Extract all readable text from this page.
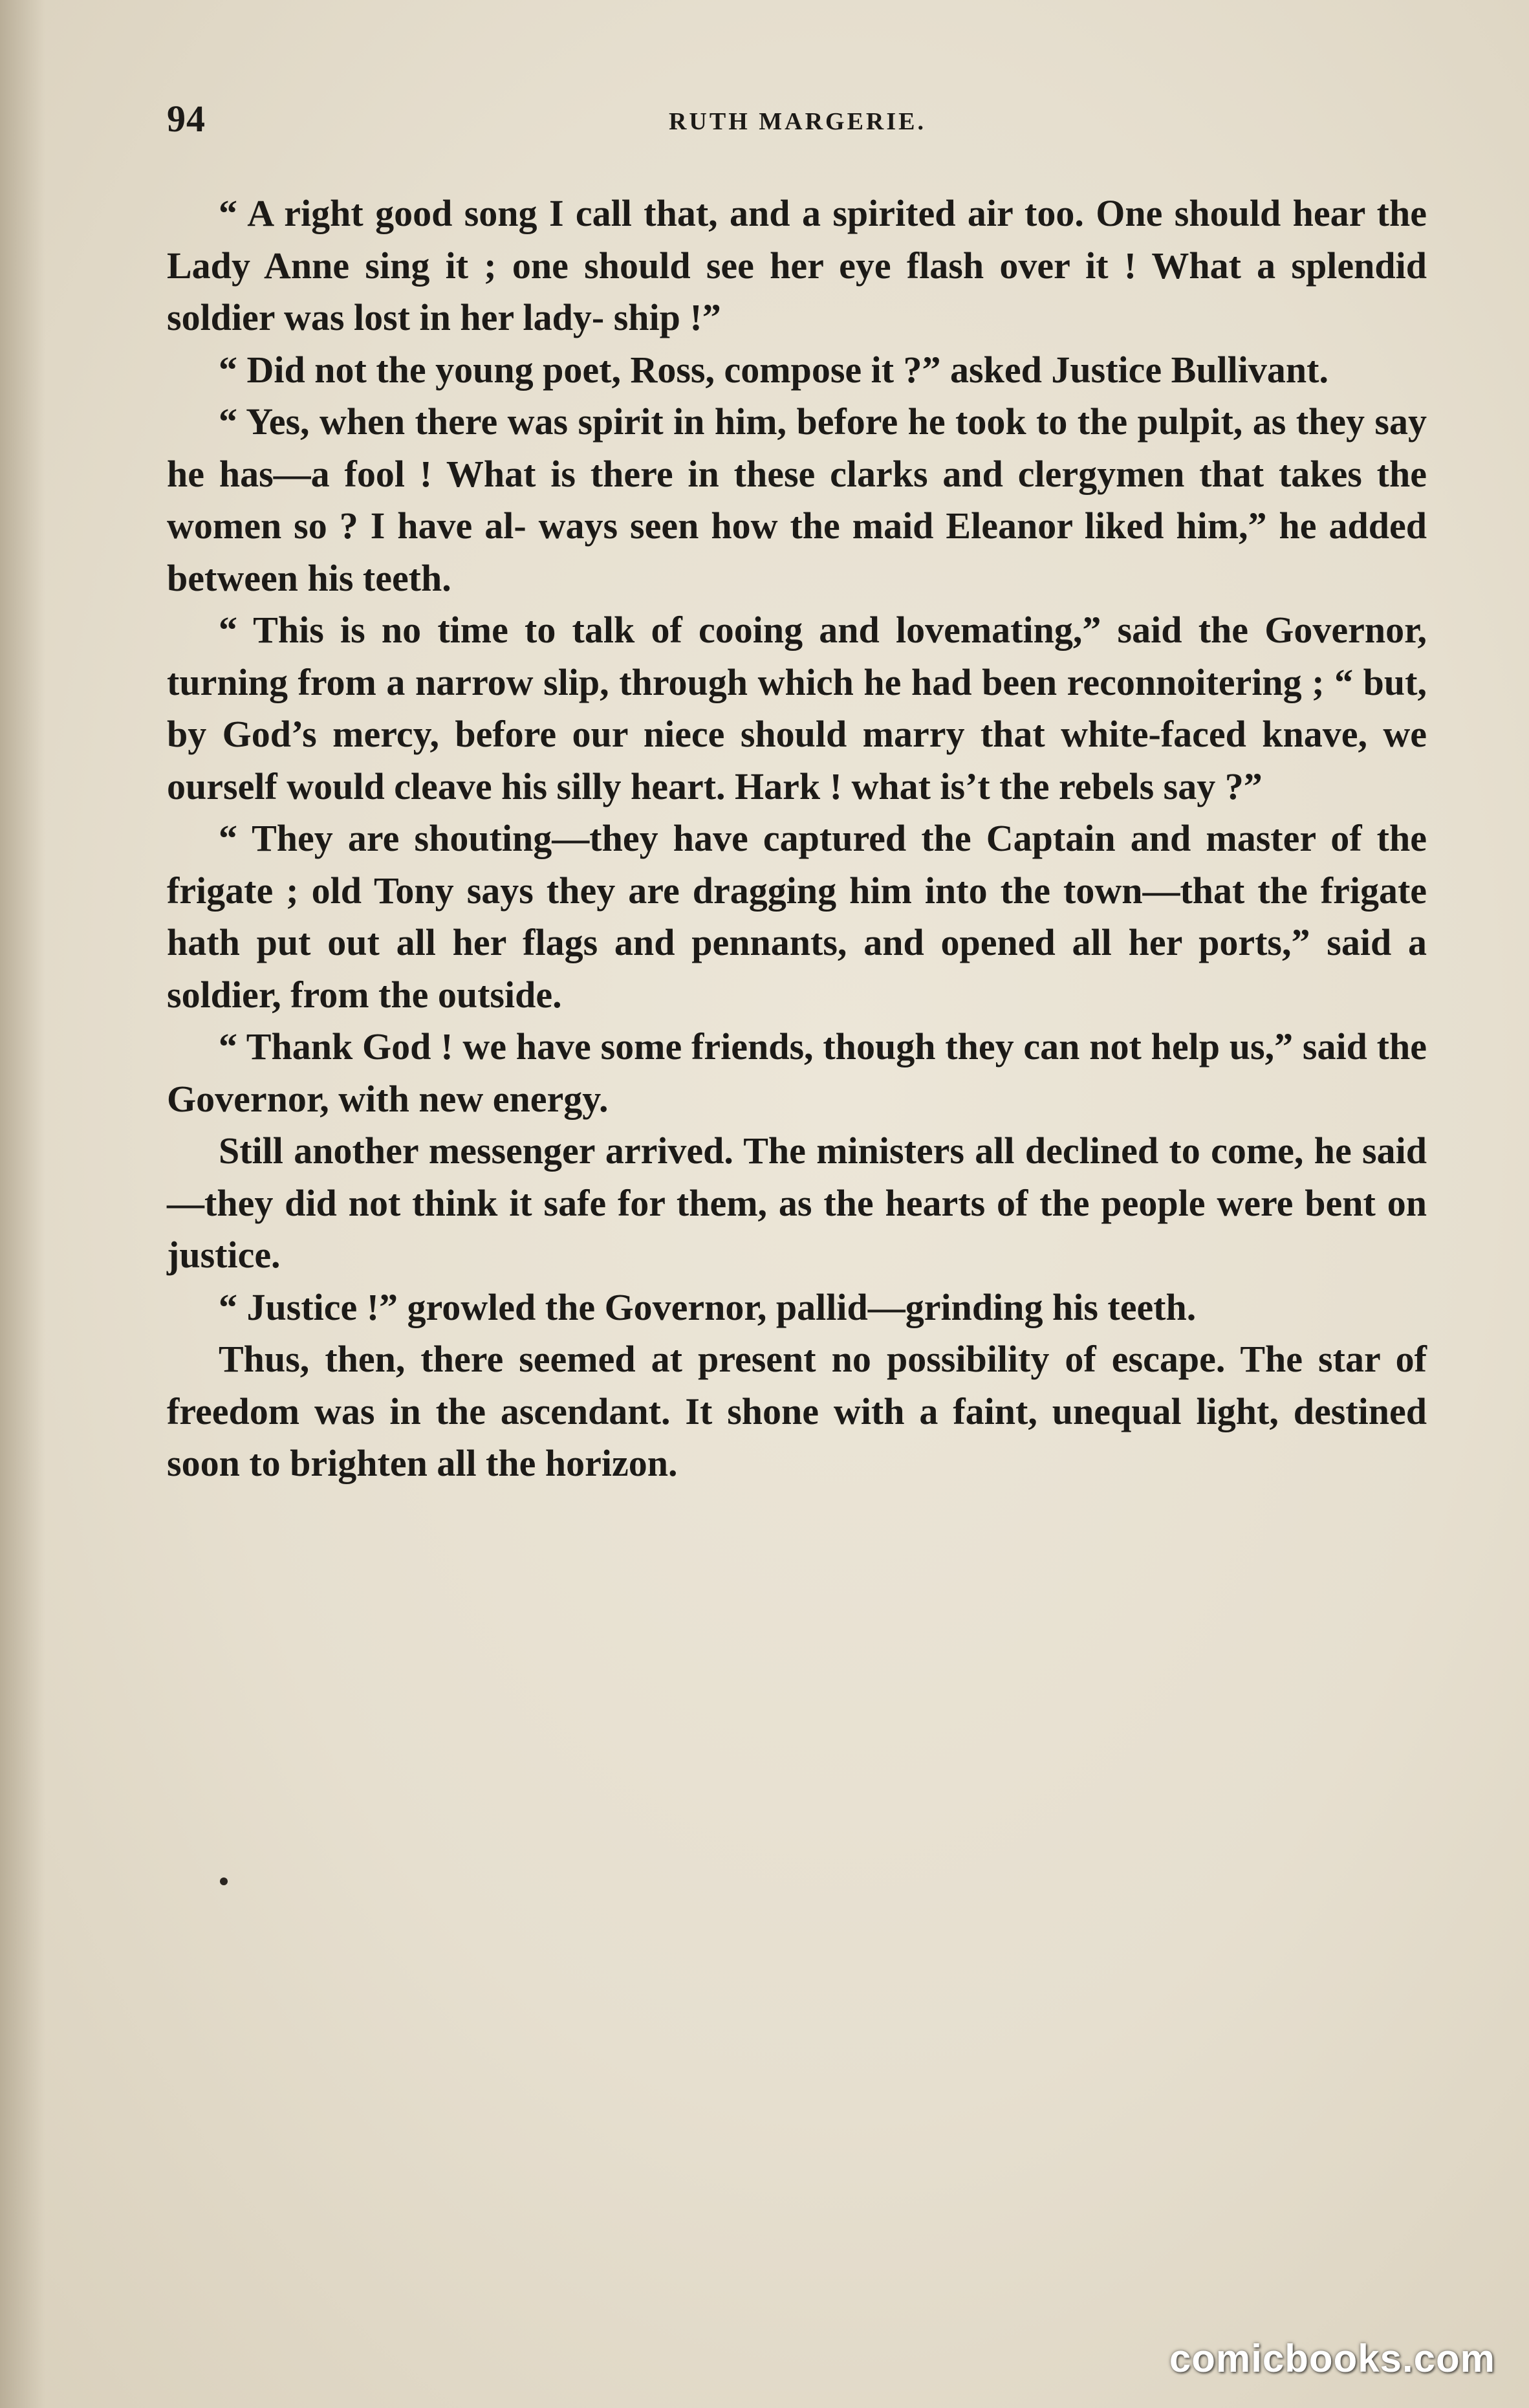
94	RUTH MARGERIE.

“ A right good song I call that, and a spirited air too. One should hear the Lady Anne sing it ; one should see her eye flash over it ! What a splendid soldier was lost in her lady- ship !”

“ Did not the young poet, Ross, compose it ?” asked Justice Bullivant.

“ Yes, when there was spirit in him, before he took to the pulpit, as they say he has—a fool ! What is there in these clarks and clergymen that takes the women so ? I have al- ways seen how the maid Eleanor liked him,” he added between his teeth.

“ This is no time to talk of cooing and lovemating,” said the Governor, turning from a narrow slip, through which he had been reconnoitering ; “ but, by God’s mercy, before our niece should marry that white-faced knave, we ourself would cleave his silly heart. Hark ! what is’t the rebels say ?”

“ They are shouting—they have captured the Captain and master of the frigate ; old Tony says they are dragging him into the town—that the frigate hath put out all her flags and pennants, and opened all her ports,” said a soldier, from the outside.

“ Thank God ! we have some friends, though they can not help us,” said the Governor, with new energy.

Still another messenger arrived. The ministers all declined to come, he said—they did not think it safe for them, as the hearts of the people were bent on justice.

“ Justice !” growled the Governor, pallid—grinding his teeth.

Thus, then, there seemed at present no possibility of escape. The star of freedom was in the ascendant. It shone with a faint, unequal light, destined soon to brighten all the horizon.

comicbooks.com
